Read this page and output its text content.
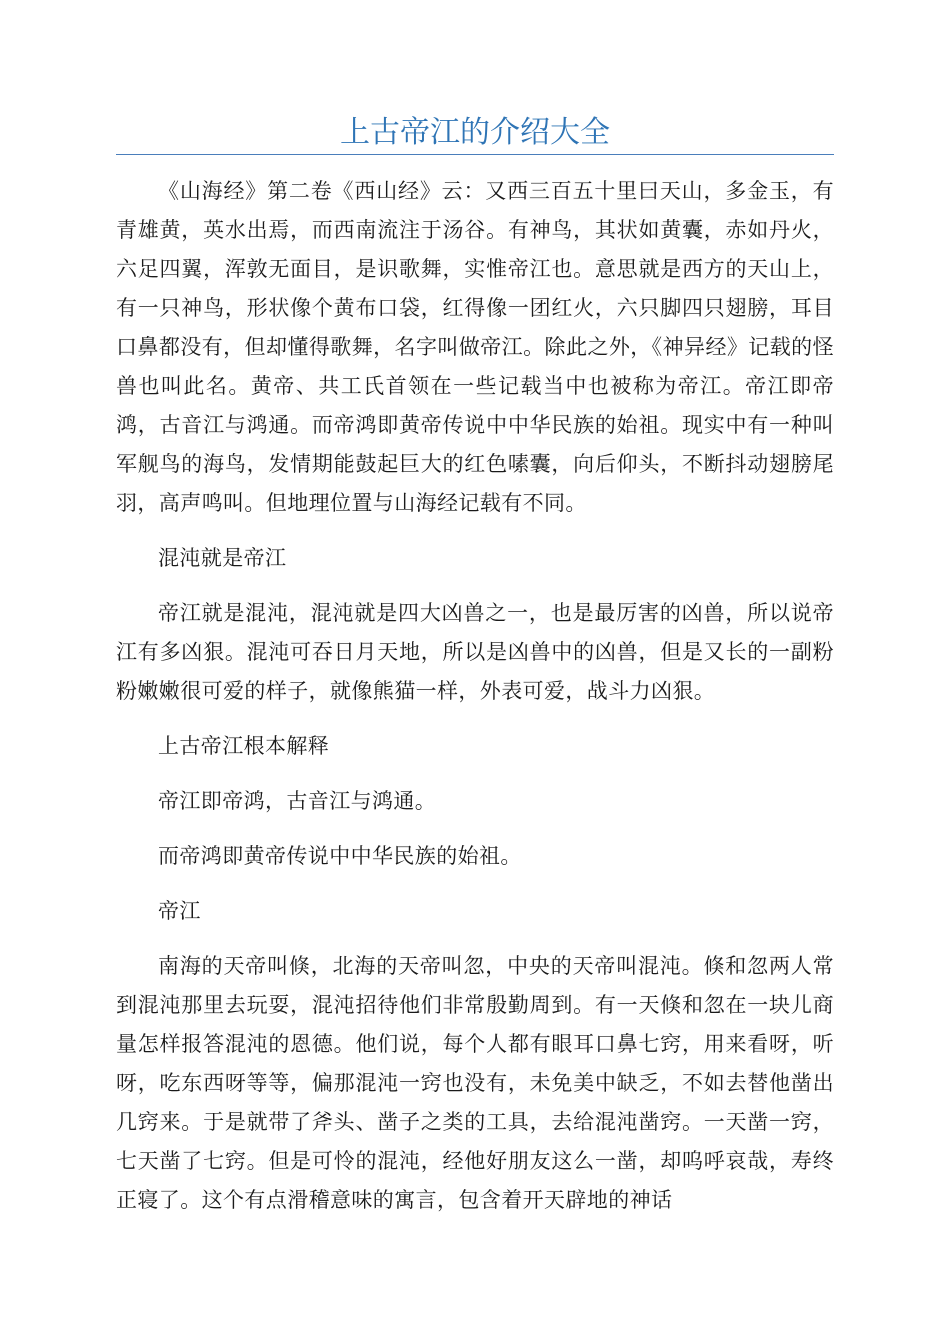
上古帝江的介绍大全

《山海经》第二卷《西山经》云：又西三百五十里曰天山，多金玉，有青雄黄，英水出焉，而西南流注于汤谷。有神鸟，其状如黄囊，赤如丹火，六足四翼，浑敦无面目，是识歌舞，实惟帝江也。意思就是西方的天山上，有一只神鸟，形状像个黄布口袋，红得像一团红火，六只脚四只翅膀，耳目口鼻都没有，但却懂得歌舞，名字叫做帝江。除此之外，《神异经》记载的怪兽也叫此名。黄帝、共工氏首领在一些记载当中也被称为帝江。帝江即帝鸿，古音江与鸿通。而帝鸿即黄帝传说中中华民族的始祖。现实中有一种叫军舰鸟的海鸟，发情期能鼓起巨大的红色嗉囊，向后仰头，不断抖动翅膀尾羽，高声鸣叫。但地理位置与山海经记载有不同。

混沌就是帝江

帝江就是混沌，混沌就是四大凶兽之一，也是最厉害的凶兽，所以说帝江有多凶狠。混沌可吞日月天地，所以是凶兽中的凶兽，但是又长的一副粉粉嫩嫩很可爱的样子，就像熊猫一样，外表可爱，战斗力凶狠。

上古帝江根本解释

帝江即帝鸿，古音江与鸿通。

而帝鸿即黄帝传说中中华民族的始祖。

帝江

南海的天帝叫倏，北海的天帝叫忽，中央的天帝叫混沌。倏和忽两人常到混沌那里去玩耍，混沌招待他们非常殷勤周到。有一天倏和忽在一块儿商量怎样报答混沌的恩德。他们说，每个人都有眼耳口鼻七窍，用来看呀，听呀，吃东西呀等等，偏那混沌一窍也没有，未免美中缺乏，不如去替他凿出几窍来。于是就带了斧头、凿子之类的工具，去给混沌凿窍。一天凿一窍，七天凿了七窍。但是可怜的混沌，经他好朋友这么一凿，却呜呼哀哉，寿终正寝了。这个有点滑稽意味的寓言，包含着开天辟地的神话
